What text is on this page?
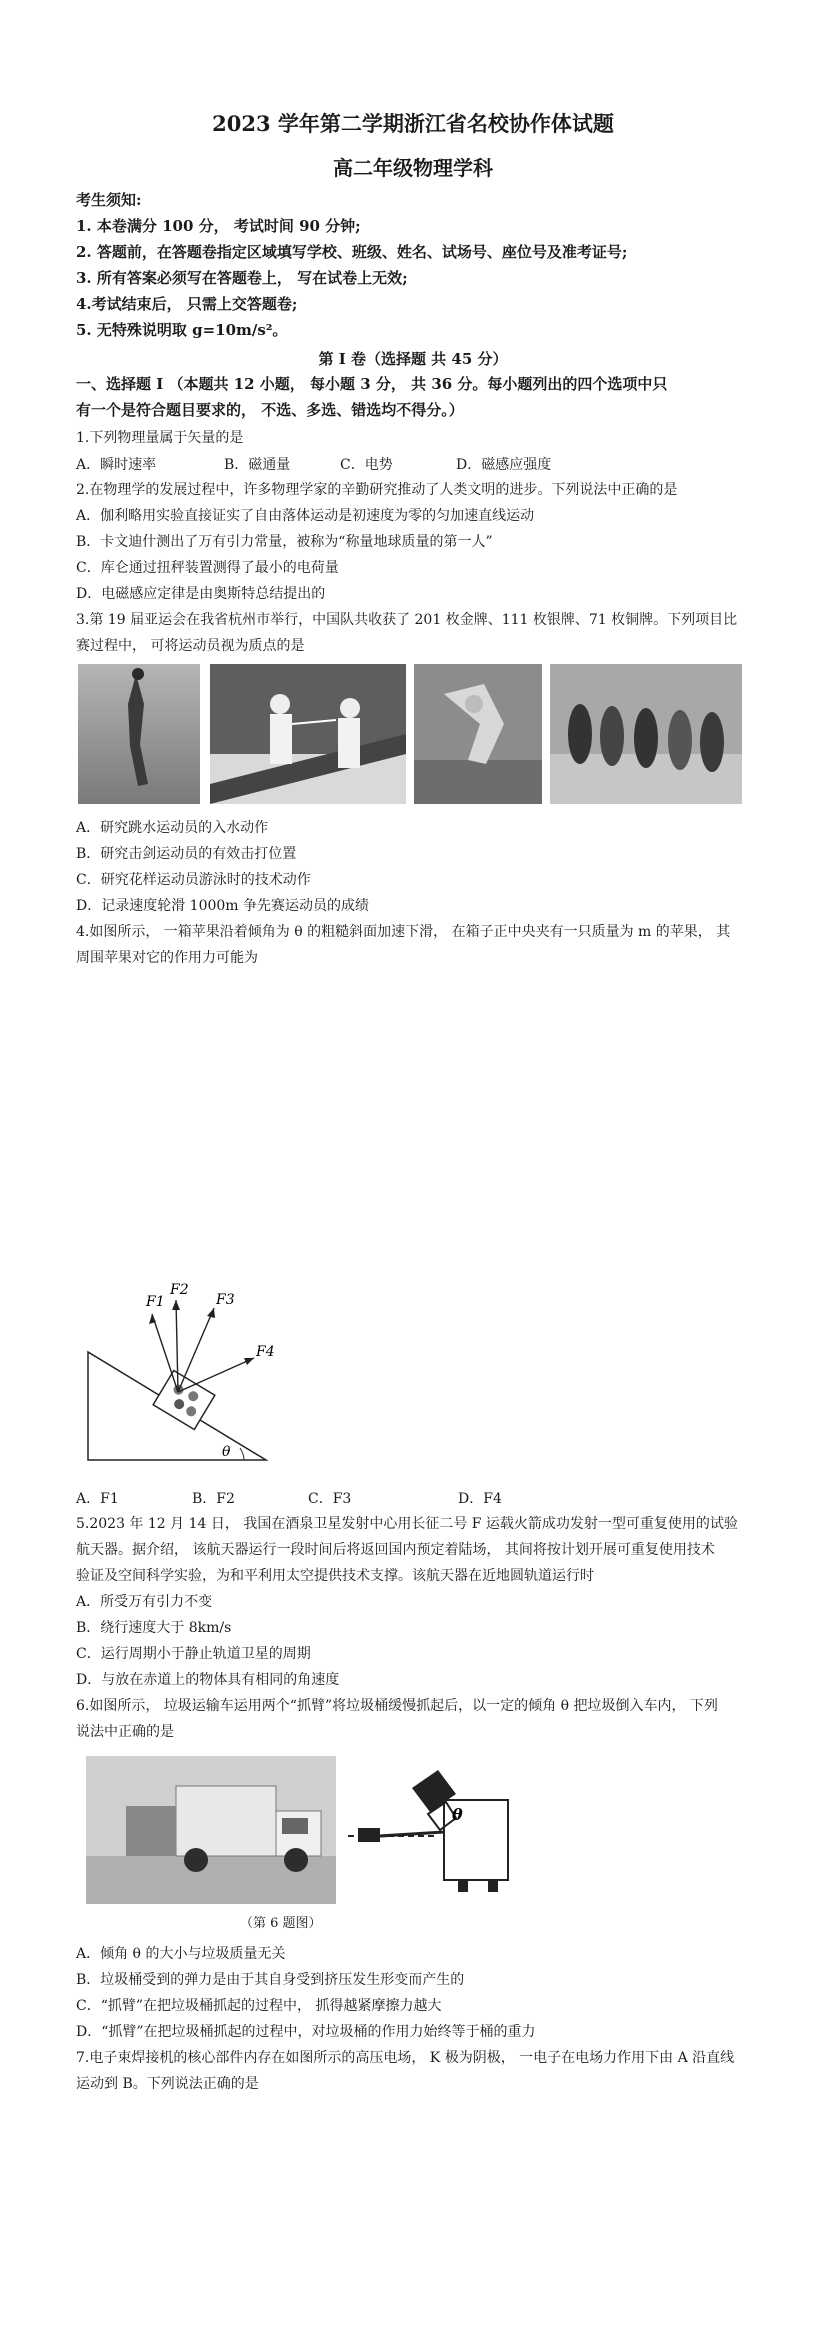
2023 学年第二学期浙江省名校协作体试题
高二年级物理学科
考生须知:
1. 本卷满分 100 分， 考试时间 90 分钟;
2. 答题前，在答题卷指定区域填写学校、班级、姓名、试场号、座位号及准考证号;
3. 所有答案必须写在答题卷上， 写在试卷上无效;
4.考试结束后， 只需上交答题卷;
5. 无特殊说明取 g=10m/s²。
第 Ⅰ 卷（选择题 共 45 分）
一、选择题 Ⅰ （本题共 12 小题， 每小题 3 分， 共 36 分。每小题列出的四个选项中只
有一个是符合题目要求的， 不选、多选、错选均不得分。）
1.下列物理量属于矢量的是
A．瞬时速率	B．磁通量	C．电势	D．磁感应强度
2.在物理学的发展过程中，许多物理学家的辛勤研究推动了人类文明的进步。下列说法中正确的是
A．伽利略用实验直接证实了自由落体运动是初速度为零的匀加速直线运动
B．卡文迪什测出了万有引力常量，被称为“称量地球质量的第一人”
C．库仑通过扭秤装置测得了最小的电荷量
D．电磁感应定律是由奥斯特总结提出的
3.第 19 届亚运会在我省杭州市举行，中国队共收获了 201 枚金牌、111 枚银牌、71 枚铜牌。下列项目比
赛过程中， 可将运动员视为质点的是
A．研究跳水运动员的入水动作
B．研究击剑运动员的有效击打位置
C．研究花样运动员游泳时的技术动作
D．记录速度轮滑 1000m 争先赛运动员的成绩
4.如图所示， 一箱苹果沿着倾角为 θ 的粗糙斜面加速下滑， 在箱子正中央夹有一只质量为 m 的苹果， 其
周围苹果对它的作用力可能为
F1
F2
F3
F4
θ
A．F1	B．F2	C．F3	D．F4
5.2023 年 12 月 14 日， 我国在酒泉卫星发射中心用长征二号 F 运载火箭成功发射一型可重复使用的试验
航天器。据介绍， 该航天器运行一段时间后将返回国内预定着陆场， 其间将按计划开展可重复使用技术
验证及空间科学实验，为和平利用太空提供技术支撑。该航天器在近地圆轨道运行时
A．所受万有引力不变
B．绕行速度大于 8km/s
C．运行周期小于静止轨道卫星的周期
D．与放在赤道上的物体具有相同的角速度
6.如图所示， 垃圾运输车运用两个“抓臂”将垃圾桶缓慢抓起后，以一定的倾角 θ 把垃圾倒入车内， 下列
说法中正确的是
θ
（第 6 题图）
A．倾角 θ 的大小与垃圾质量无关
B．垃圾桶受到的弹力是由于其自身受到挤压发生形变而产生的
C．“抓臂”在把垃圾桶抓起的过程中， 抓得越紧摩擦力越大
D．“抓臂”在把垃圾桶抓起的过程中，对垃圾桶的作用力始终等于桶的重力
7.电子束焊接机的核心部件内存在如图所示的高压电场， K 极为阴极， 一电子在电场力作用下由 A 沿直线
运动到 B。下列说法正确的是
